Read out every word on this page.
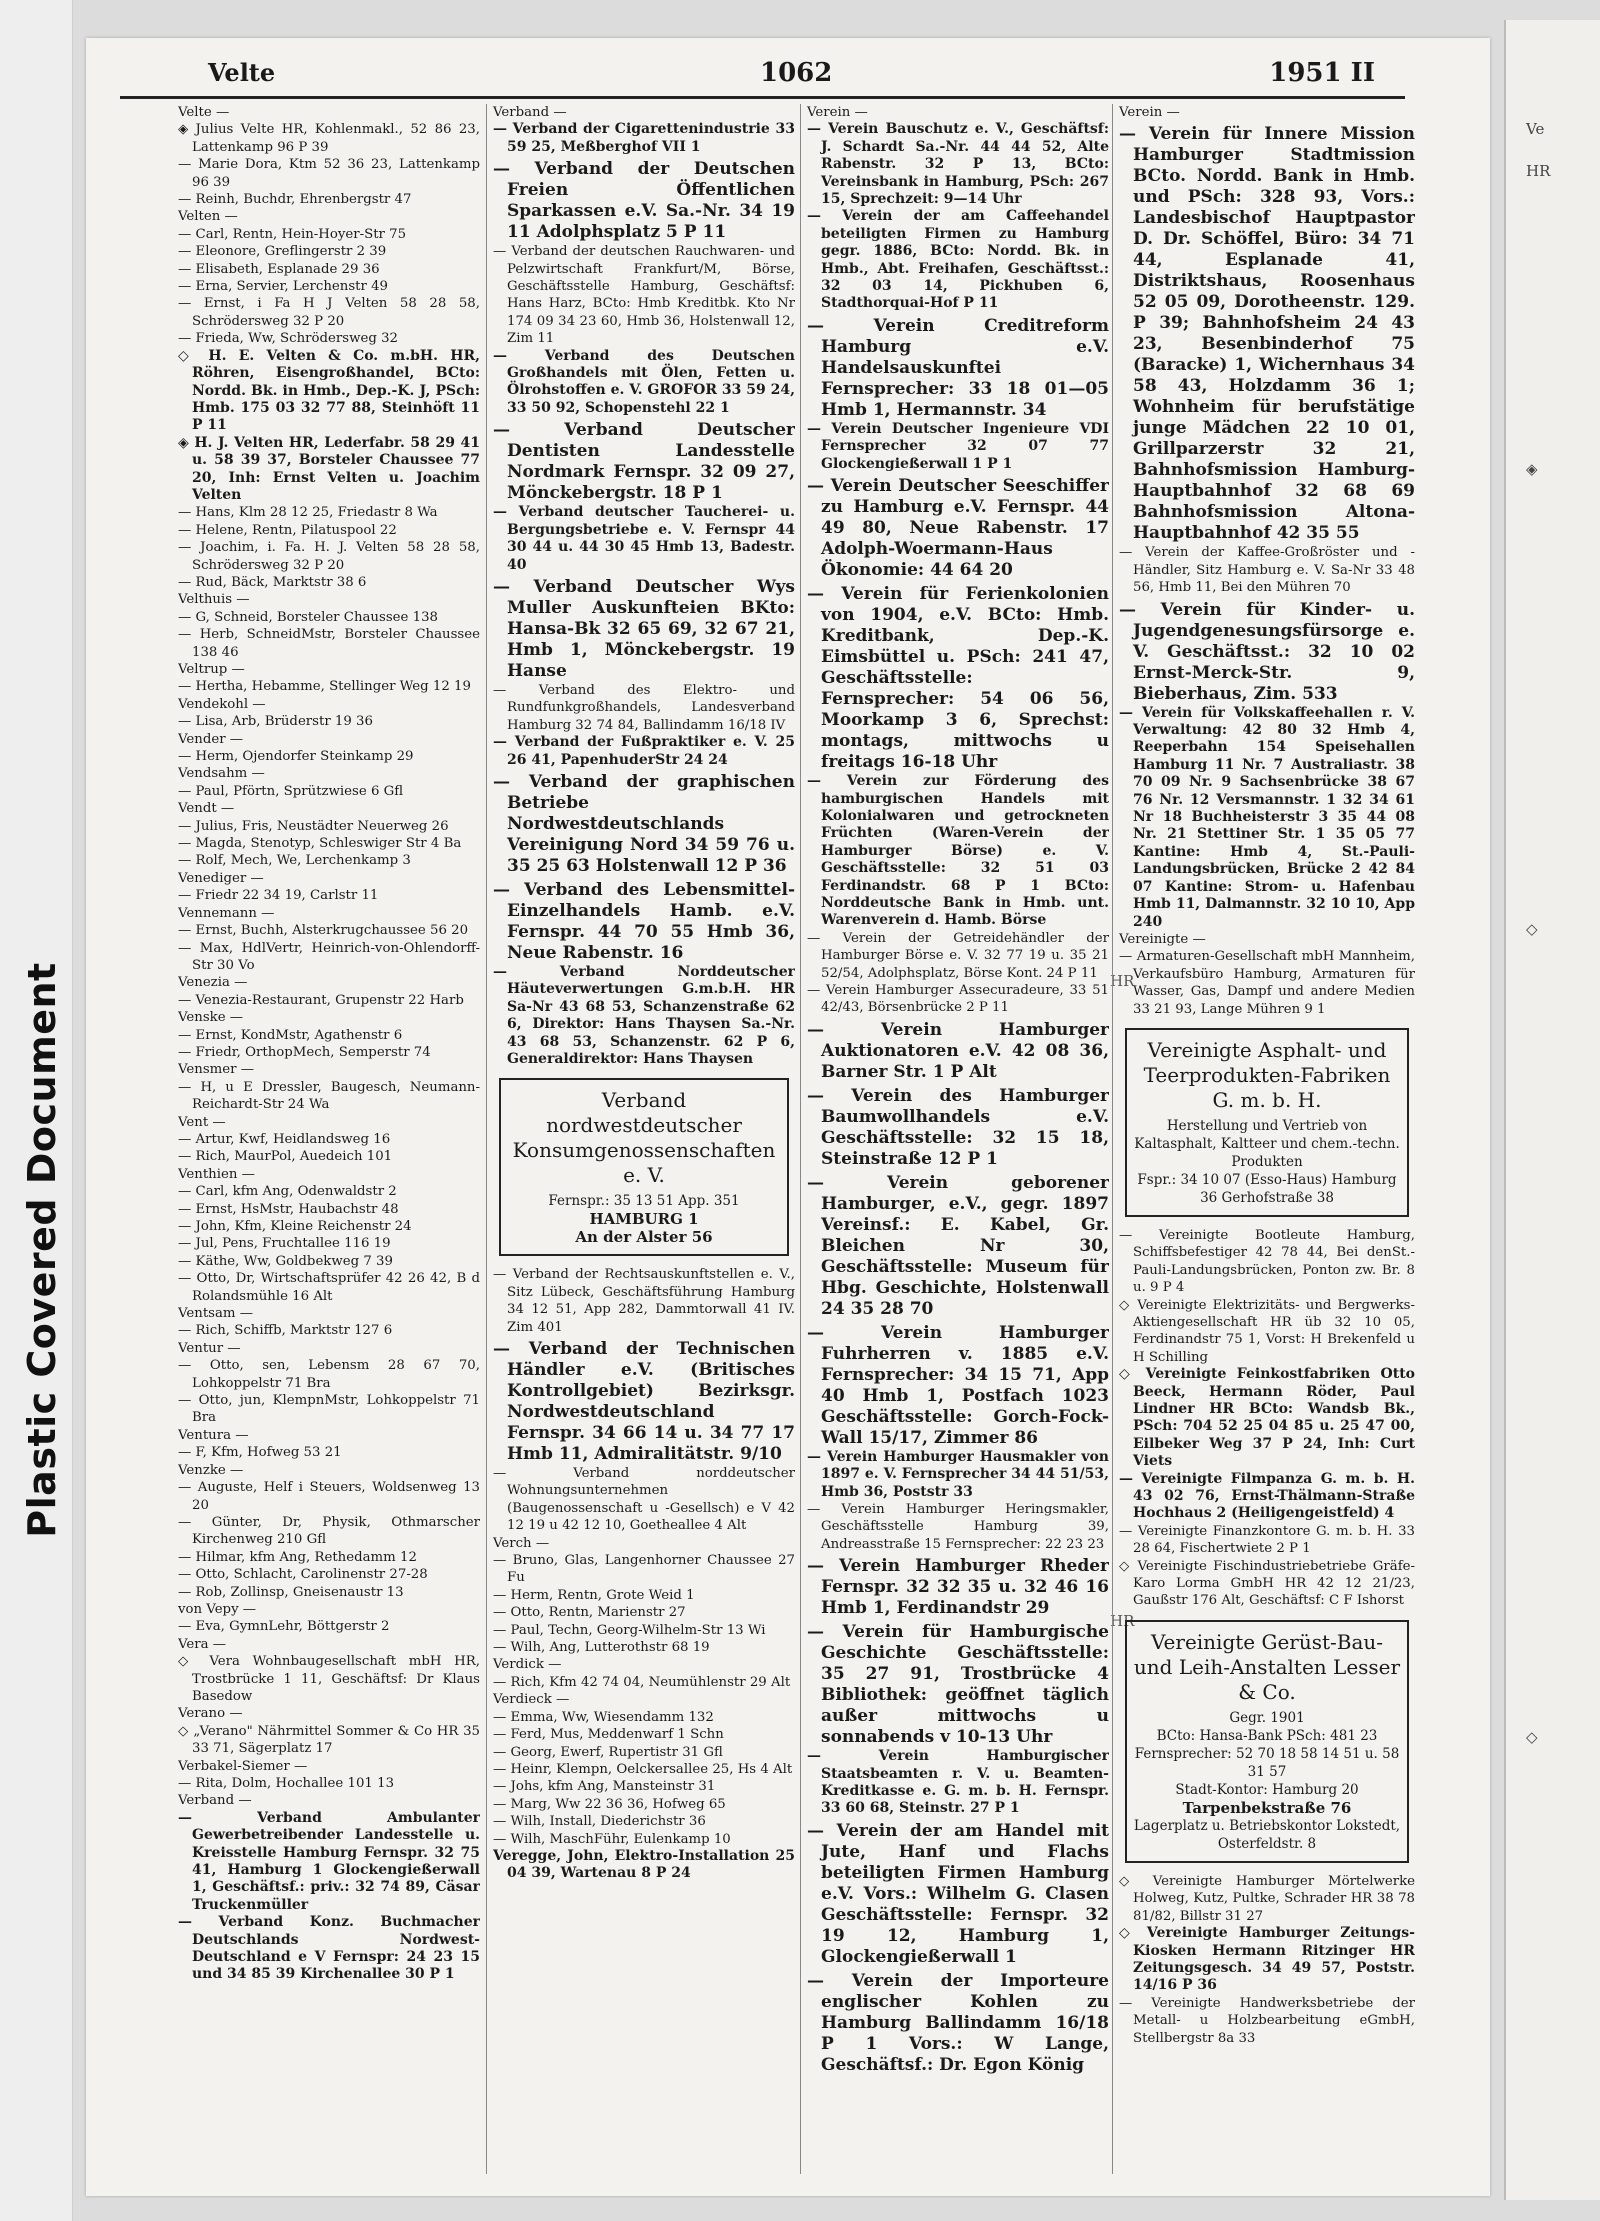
Plastic Covered Document
Ve
HR
◈
◇
◇
Velte	1062	1951 II
HR
HR

Velte —

◈ Julius Velte HR, Kohlenmakl., 52 86 23, Lattenkamp 96 P 39

— Marie Dora, Ktm 52 36 23, Lattenkamp 96 39

— Reinh, Buchdr, Ehrenbergstr 47

Velten —

— Carl, Rentn, Hein-Hoyer-Str 75

— Eleonore, Greflingerstr 2 39

— Elisabeth, Esplanade 29 36

— Erna, Servier, Lerchenstr 49

— Ernst, i Fa H J Velten 58 28 58, Schrödersweg 32 P 20

— Frieda, Ww, Schrödersweg 32

◇ H. E. Velten & Co. m.bH. HR, Röhren, Eisengroßhandel, BCto: Nordd. Bk. in Hmb., Dep.-K. J, PSch: Hmb. 175 03 32 77 88, Steinhöft 11 P 11

◈ H. J. Velten HR, Lederfabr. 58 29 41 u. 58 39 37, Borsteler Chaussee 77 20, Inh: Ernst Velten u. Joachim Velten

— Hans, Klm 28 12 25, Friedastr 8 Wa

— Helene, Rentn, Pilatuspool 22

— Joachim, i. Fa. H. J. Velten 58 28 58, Schrödersweg 32 P 20

— Rud, Bäck, Marktstr 38 6

Velthuis —

— G, Schneid, Borsteler Chaussee 138

— Herb, SchneidMstr, Borsteler Chaussee 138 46

Veltrup —

— Hertha, Hebamme, Stellinger Weg 12 19

Vendekohl —

— Lisa, Arb, Brüderstr 19 36

Vender —

— Herm, Ojendorfer Steinkamp 29

Vendsahm —

— Paul, Pförtn, Sprützwiese 6 Gfl

Vendt —

— Julius, Fris, Neustädter Neuerweg 26

— Magda, Stenotyp, Schleswiger Str 4 Ba

— Rolf, Mech, We, Lerchenkamp 3

Venediger —

— Friedr 22 34 19, Carlstr 11

Vennemann —

— Ernst, Buchh, Alsterkrugchaussee 56 20

— Max, HdlVertr, Heinrich-von-Ohlendorff-Str 30 Vo

Venezia —

— Venezia-Restaurant, Grupenstr 22 Harb

Venske —

— Ernst, KondMstr, Agathenstr 6

— Friedr, OrthopMech, Semperstr 74

Vensmer —

— H, u E Dressler, Baugesch, Neumann-Reichardt-Str 24 Wa

Vent —

— Artur, Kwf, Heidlandsweg 16

— Rich, MaurPol, Auedeich 101

Venthien —

— Carl, kfm Ang, Odenwaldstr 2

— Ernst, HsMstr, Haubachstr 48

— John, Kfm, Kleine Reichenstr 24

— Jul, Pens, Fruchtallee 116 19

— Käthe, Ww, Goldbekweg 7 39

— Otto, Dr, Wirtschaftsprüfer 42 26 42, B d Rolandsmühle 16 Alt

Ventsam —

— Rich, Schiffb, Marktstr 127 6

Ventur —

— Otto, sen, Lebensm 28 67 70, Lohkoppelstr 71 Bra

— Otto, jun, KlempnMstr, Lohkoppelstr 71 Bra

Ventura —

— F, Kfm, Hofweg 53 21

Venzke —

— Auguste, Helf i Steuers, Woldsenweg 13 20

— Günter, Dr, Physik, Othmarscher Kirchenweg 210 Gfl

— Hilmar, kfm Ang, Rethedamm 12

— Otto, Schlacht, Carolinenstr 27-28

— Rob, Zollinsp, Gneisenaustr 13

von Vepy —

— Eva, GymnLehr, Böttgerstr 2

Vera —

◇ Vera Wohnbaugesellschaft mbH HR, Trostbrücke 1 11, Geschäftsf: Dr Klaus Basedow

Verano —

◇ „Verano" Nährmittel Sommer & Co HR 35 33 71, Sägerplatz 17

Verbakel-Siemer —

— Rita, Dolm, Hochallee 101 13

Verband —

— Verband Ambulanter Gewerbetreibender Landesstelle u. Kreisstelle Hamburg Fernspr. 32 75 41, Hamburg 1 Glockengießerwall 1, Geschäftsf.: priv.: 32 74 89, Cäsar Truckenmüller

— Verband Konz. Buchmacher Deutschlands Nordwest-Deutschland e V Fernspr: 24 23 15 und 34 85 39 Kirchenallee 30 P 1

Verband —

— Verband der Cigarettenindustrie 33 59 25, Meßberghof VII 1

— Verband der Deutschen Freien Öffentlichen Sparkassen e.V. Sa.-Nr. 34 19 11 Adolphsplatz 5 P 11

— Verband der deutschen Rauchwaren- und Pelzwirtschaft Frankfurt/M, Börse, Geschäftsstelle Hamburg, Geschäftsf: Hans Harz, BCto: Hmb Kreditbk. Kto Nr 174 09 34 23 60, Hmb 36, Holstenwall 12, Zim 11

— Verband des Deutschen Großhandels mit Ölen, Fetten u. Ölrohstoffen e. V. GROFOR 33 59 24, 33 50 92, Schopenstehl 22 1

— Verband Deutscher Dentisten Landesstelle Nordmark Fernspr. 32 09 27, Mönckebergstr. 18 P 1

— Verband deutscher Taucherei- u. Bergungsbetriebe e. V. Fernspr 44 30 44 u. 44 30 45 Hmb 13, Badestr. 40

— Verband Deutscher Wys Muller Auskunfteien BKto: Hansa-Bk 32 65 69, 32 67 21, Hmb 1, Mönckebergstr. 19 Hanse

— Verband des Elektro- und Rundfunkgroßhandels, Landesverband Hamburg 32 74 84, Ballindamm 16/18 IV

— Verband der Fußpraktiker e. V. 25 26 41, PapenhuderStr 24 24

— Verband der graphischen Betriebe Nordwestdeutschlands Vereinigung Nord 34 59 76 u. 35 25 63 Holstenwall 12 P 36

— Verband des Lebensmittel-Einzelhandels Hamb. e.V. Fernspr. 44 70 55 Hmb 36, Neue Rabenstr. 16

— Verband Norddeutscher Häuteverwertungen G.m.b.H. HR Sa-Nr 43 68 53, Schanzenstraße 62 6, Direktor: Hans Thaysen Sa.-Nr. 43 68 53, Schanzenstr. 62 P 6, Generaldirektor: Hans Thaysen

Verband nordwestdeutscher Konsumgenossenschaften e. V.
Fernspr.: 35 13 51 App. 351
HAMBURG 1
An der Alster 56

— Verband der Rechtsauskunftstellen e. V., Sitz Lübeck, Geschäftsführung Hamburg 34 12 51, App 282, Dammtorwall 41 IV. Zim 401

— Verband der Technischen Händler e.V. (Britisches Kontrollgebiet) Bezirksgr. Nordwestdeutschland Fernspr. 34 66 14 u. 34 77 17 Hmb 11, Admiralitätstr. 9/10

— Verband norddeutscher Wohnungsunternehmen (Baugenossenschaft u -Gesellsch) e V 42 12 19 u 42 12 10, Goetheallee 4 Alt

Verch —

— Bruno, Glas, Langenhorner Chaussee 27 Fu

— Herm, Rentn, Grote Weid 1

— Otto, Rentn, Marienstr 27

— Paul, Techn, Georg-Wilhelm-Str 13 Wi

— Wilh, Ang, Lutterothstr 68 19

Verdick —

— Rich, Kfm 42 74 04, Neumühlenstr 29 Alt

Verdieck —

— Emma, Ww, Wiesendamm 132

— Ferd, Mus, Meddenwarf 1 Schn

— Georg, Ewerf, Rupertistr 31 Gfl

— Heinr, Klempn, Oelckersallee 25, Hs 4 Alt

— Johs, kfm Ang, Mansteinstr 31

— Marg, Ww 22 36 36, Hofweg 65

— Wilh, Install, Diederichstr 36

— Wilh, MaschFühr, Eulenkamp 10

Veregge, John, Elektro-Installation 25 04 39, Wartenau 8 P 24

Verein —

— Verein Bauschutz e. V., Geschäftsf: J. Schardt Sa.-Nr. 44 44 52, Alte Rabenstr. 32 P 13, BCto: Vereinsbank in Hamburg, PSch: 267 15, Sprechzeit: 9—14 Uhr

— Verein der am Caffeehandel beteiligten Firmen zu Hamburg gegr. 1886, BCto: Nordd. Bk. in Hmb., Abt. Freihafen, Geschäftsst.: 32 03 14, Pickhuben 6, Stadthorquai-Hof P 11

— Verein Creditreform Hamburg e.V. Handelsauskunftei Fernsprecher: 33 18 01—05 Hmb 1, Hermannstr. 34

— Verein Deutscher Ingenieure VDI Fernsprecher 32 07 77 Glockengießerwall 1 P 1

— Verein Deutscher Seeschiffer zu Hamburg e.V. Fernspr. 44 49 80, Neue Rabenstr. 17 Adolph-Woermann-Haus Ökonomie: 44 64 20

— Verein für Ferienkolonien von 1904, e.V. BCto: Hmb. Kreditbank, Dep.-K. Eimsbüttel u. PSch: 241 47, Geschäftsstelle: Fernsprecher: 54 06 56, Moorkamp 3 6, Sprechst: montags, mittwochs u freitags 16-18 Uhr

— Verein zur Förderung des hamburgischen Handels mit Kolonialwaren und getrockneten Früchten (Waren-Verein der Hamburger Börse) e. V. Geschäftsstelle: 32 51 03 Ferdinandstr. 68 P 1 BCto: Norddeutsche Bank in Hmb. unt. Warenverein d. Hamb. Börse

— Verein der Getreidehändler der Hamburger Börse e. V. 32 77 19 u. 35 21 52/54, Adolphsplatz, Börse Kont. 24 P 11

— Verein Hamburger Assecuradeure, 33 51 42/43, Börsenbrücke 2 P 11

— Verein Hamburger Auktionatoren e.V. 42 08 36, Barner Str. 1 P Alt

— Verein des Hamburger Baumwollhandels e.V. Geschäftsstelle: 32 15 18, Steinstraße 12 P 1

— Verein geborener Hamburger, e.V., gegr. 1897 Vereinsf.: E. Kabel, Gr. Bleichen Nr 30, Geschäftsstelle: Museum für Hbg. Geschichte, Holstenwall 24 35 28 70

— Verein Hamburger Fuhrherren v. 1885 e.V. Fernsprecher: 34 15 71, App 40 Hmb 1, Postfach 1023 Geschäftsstelle: Gorch-Fock-Wall 15/17, Zimmer 86

— Verein Hamburger Hausmakler von 1897 e. V. Fernsprecher 34 44 51/53, Hmb 36, Poststr 33

— Verein Hamburger Heringsmakler, Geschäftsstelle Hamburg 39, Andreasstraße 15 Fernsprecher: 22 23 23

— Verein Hamburger Rheder Fernspr. 32 32 35 u. 32 46 16 Hmb 1, Ferdinandstr 29

— Verein für Hamburgische Geschichte Geschäftsstelle: 35 27 91, Trostbrücke 4 Bibliothek: geöffnet täglich außer mittwochs u sonnabends v 10-13 Uhr

— Verein Hamburgischer Staatsbeamten r. V. u. Beamten-Kreditkasse e. G. m. b. H. Fernspr. 33 60 68, Steinstr. 27 P 1

— Verein der am Handel mit Jute, Hanf und Flachs beteiligten Firmen Hamburg e.V. Vors.: Wilhelm G. Clasen Geschäftsstelle: Fernspr. 32 19 12, Hamburg 1, Glockengießerwall 1

— Verein der Importeure englischer Kohlen zu Hamburg Ballindamm 16/18 P 1 Vors.: W Lange, Geschäftsf.: Dr. Egon König

Verein —

— Verein für Innere Mission Hamburger Stadtmission BCto. Nordd. Bank in Hmb. und PSch: 328 93, Vors.: Landesbischof Hauptpastor D. Dr. Schöffel, Büro: 34 71 44, Esplanade 41, Distriktshaus, Roosenhaus 52 05 09, Dorotheenstr. 129. P 39; Bahnhofsheim 24 43 23, Besenbinderhof 75 (Baracke) 1, Wichernhaus 34 58 43, Holzdamm 36 1; Wohnheim für berufstätige junge Mädchen 22 10 01, Grillparzerstr 32 21, Bahnhofsmission Hamburg-Hauptbahnhof 32 68 69 Bahnhofsmission Altona-Hauptbahnhof 42 35 55

— Verein der Kaffee-Großröster und -Händler, Sitz Hamburg e. V. Sa-Nr 33 48 56, Hmb 11, Bei den Mühren 70

— Verein für Kinder- u. Jugendgenesungsfürsorge e. V. Geschäftsst.: 32 10 02 Ernst-Merck-Str. 9, Bieberhaus, Zim. 533

— Verein für Volkskaffeehallen r. V. Verwaltung: 42 80 32 Hmb 4, Reeperbahn 154 Speisehallen Hamburg 11 Nr. 7 Australiastr. 38 70 09 Nr. 9 Sachsenbrücke 38 67 76 Nr. 12 Versmannstr. 1 32 34 61 Nr 18 Buchheisterstr 3 35 44 08 Nr. 21 Stettiner Str. 1 35 05 77 Kantine: Hmb 4, St.-Pauli-Landungsbrücken, Brücke 2 42 84 07 Kantine: Strom- u. Hafenbau Hmb 11, Dalmannstr. 32 10 10, App 240

Vereinigte —

— Armaturen-Gesellschaft mbH Mannheim, Verkaufsbüro Hamburg, Armaturen für Wasser, Gas, Dampf und andere Medien 33 21 93, Lange Mühren 9 1

Vereinigte Asphalt- und Teerprodukten-Fabriken G. m. b. H.
Herstellung und Vertrieb von Kaltasphalt, Kaltteer und chem.-techn. Produkten
Fspr.: 34 10 07 (Esso-Haus) Hamburg 36 Gerhofstraße 38

— Vereinigte Bootleute Hamburg, Schiffsbefestiger 42 78 44, Bei denSt.-Pauli-Landungsbrücken, Ponton zw. Br. 8 u. 9 P 4

◇ Vereinigte Elektrizitäts- und Bergwerks-Aktiengesellschaft HR üb 32 10 05, Ferdinandstr 75 1, Vorst: H Brekenfeld u H Schilling

◇ Vereinigte Feinkostfabriken Otto Beeck, Hermann Röder, Paul Lindner HR BCto: Wandsb Bk., PSch: 704 52 25 04 85 u. 25 47 00, Eilbeker Weg 37 P 24, Inh: Curt Viets

— Vereinigte Filmpanza G. m. b. H. 43 02 76, Ernst-Thälmann-Straße Hochhaus 2 (Heiligengeistfeld) 4

— Vereinigte Finanzkontore G. m. b. H. 33 28 64, Fischertwiete 2 P 1

◇ Vereinigte Fischindustriebetriebe Gräfe-Karo Lorma GmbH HR 42 12 21/23, Gaußstr 176 Alt, Geschäftsf: C F Ishorst

Vereinigte Gerüst-Bau- und Leih-Anstalten Lesser & Co.
Gegr. 1901
BCto: Hansa-Bank PSch: 481 23 Fernsprecher: 52 70 18 58 14 51 u. 58 31 57
Stadt-Kontor: Hamburg 20
Tarpenbekstraße 76
Lagerplatz u. Betriebskontor Lokstedt, Osterfeldstr. 8

◇ Vereinigte Hamburger Mörtelwerke Holweg, Kutz, Pultke, Schrader HR 38 78 81/82, Billstr 31 27

◇ Vereinigte Hamburger Zeitungs-Kiosken Hermann Ritzinger HR Zeitungsgesch. 34 49 57, Poststr. 14/16 P 36

— Vereinigte Handwerksbetriebe der Metall- u Holzbearbeitung eGmbH, Stellbergstr 8a 33
